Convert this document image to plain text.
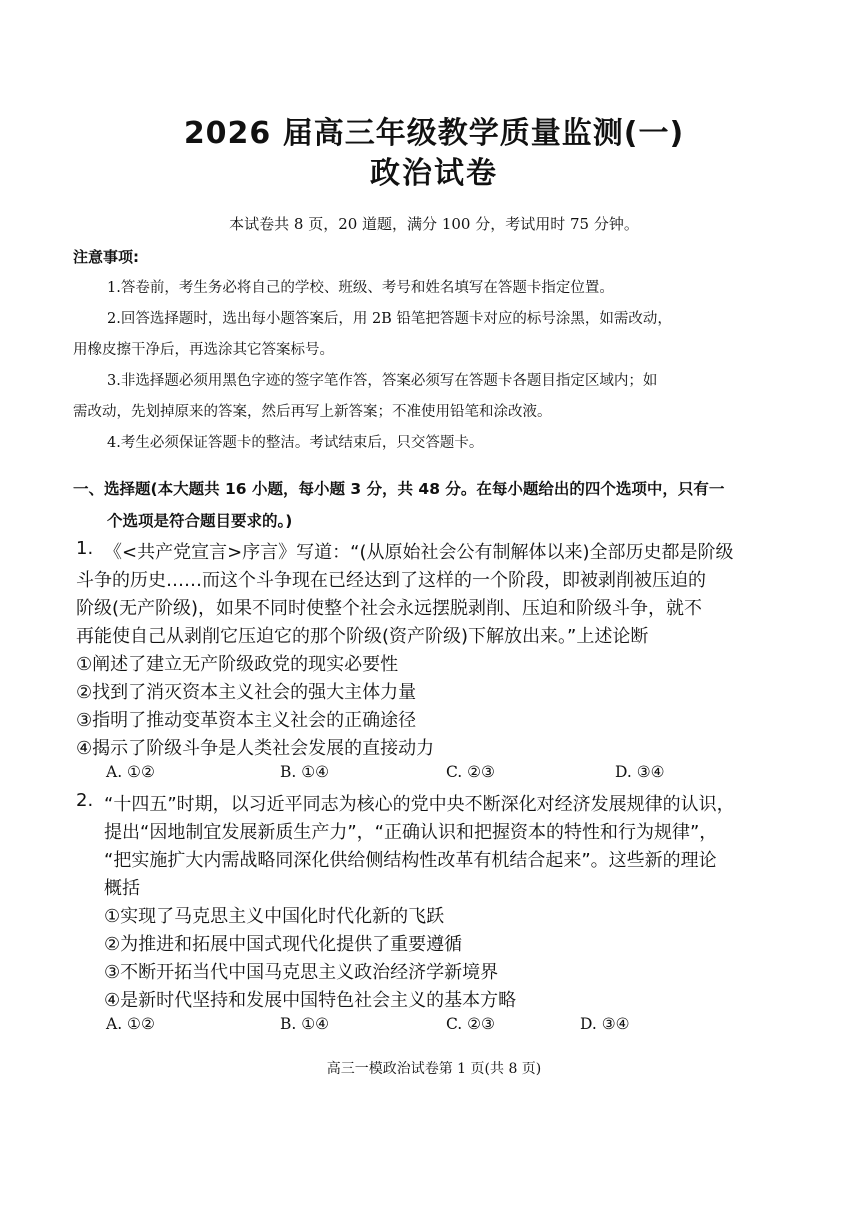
2026 届高三年级教学质量监测(一)
政治试卷
本试卷共 8 页，20 道题，满分 100 分，考试用时 75 分钟。
注意事项:
1.答卷前，考生务必将自己的学校、班级、考号和姓名填写在答题卡指定位置。
2.回答选择题时，选出每小题答案后，用 2B 铅笔把答题卡对应的标号涂黑，如需改动，
用橡皮擦干净后，再选涂其它答案标号。
3.非选择题必须用黑色字迹的签字笔作答，答案必须写在答题卡各题目指定区域内；如
需改动，先划掉原来的答案，然后再写上新答案；不准使用铅笔和涂改液。
4.考生必须保证答题卡的整洁。考试结束后，只交答题卡。
一、选择题(本大题共 16 小题，每小题 3 分，共 48 分。在每小题给出的四个选项中，只有一
个选项是符合题目要求的。)
1. 《<共产党宣言>序言》写道：“(从原始社会公有制解体以来)全部历史都是阶级
斗争的历史……而这个斗争现在已经达到了这样的一个阶段，即被剥削被压迫的
阶级(无产阶级)，如果不同时使整个社会永远摆脱剥削、压迫和阶级斗争，就不
再能使自己从剥削它压迫它的那个阶级(资产阶级)下解放出来。”上述论断
①阐述了建立无产阶级政党的现实必要性
②找到了消灭资本主义社会的强大主体力量
③指明了推动变革资本主义社会的正确途径
④揭示了阶级斗争是人类社会发展的直接动力
A. ①②	B. ①④	C. ②③	D. ③④
2. “十四五”时期，以习近平同志为核心的党中央不断深化对经济发展规律的认识，
提出“因地制宜发展新质生产力”，“正确认识和把握资本的特性和行为规律”，
“把实施扩大内需战略同深化供给侧结构性改革有机结合起来”。这些新的理论
概括
①实现了马克思主义中国化时代化新的飞跃
②为推进和拓展中国式现代化提供了重要遵循
③不断开拓当代中国马克思主义政治经济学新境界
④是新时代坚持和发展中国特色社会主义的基本方略
A. ①②	B. ①④	C. ②③	D. ③④
高三一模政治试卷第 1 页(共 8 页)
